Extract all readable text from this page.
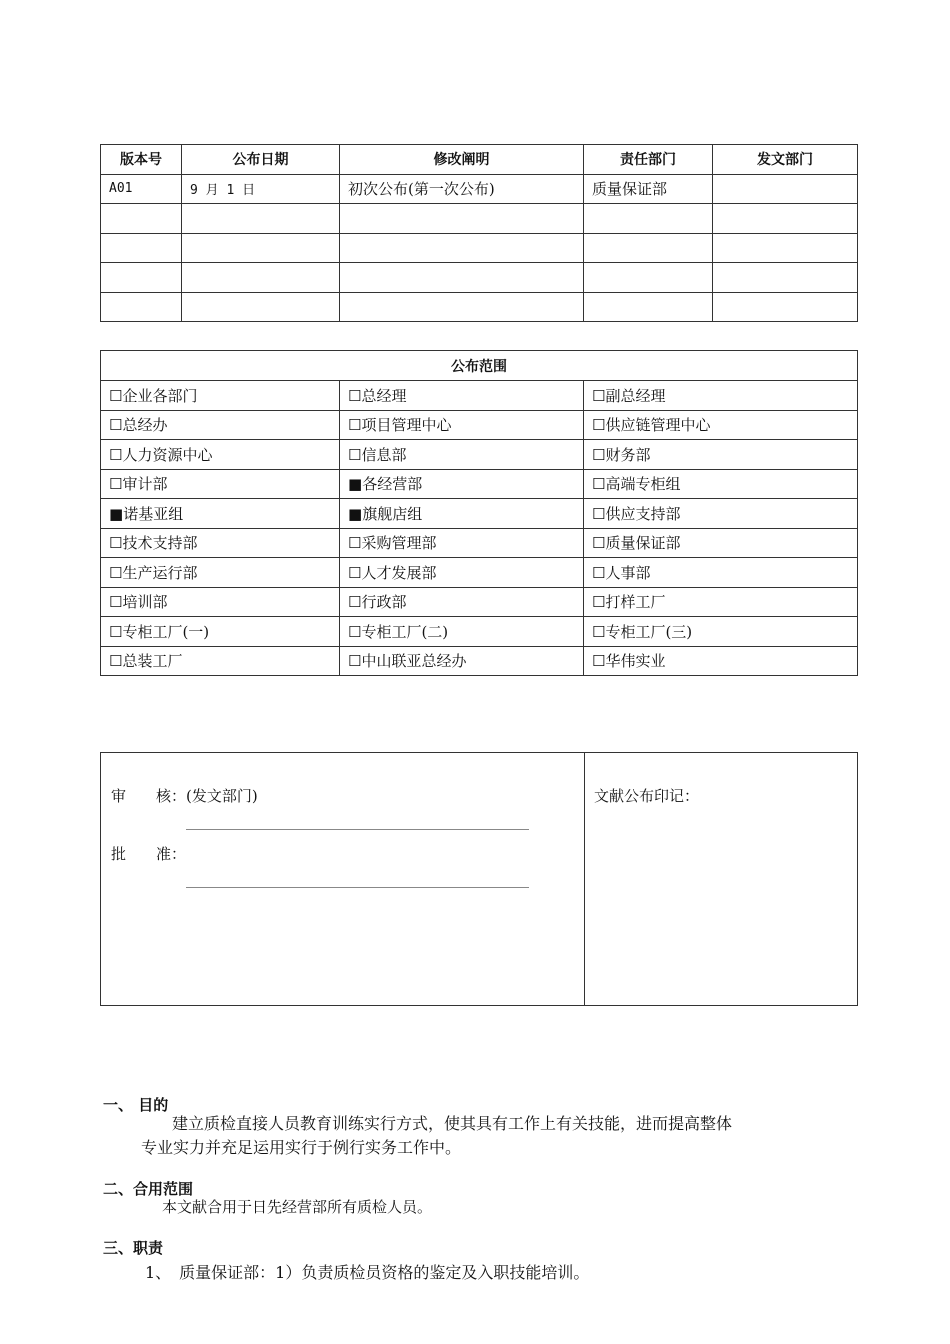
版本号	公布日期	修改阐明	责任部门	发文部门
A01	9 月 1 日	初次公布(第一次公布)	质量保证部	

公布范围		
☐企业各部门	☐总经理	☐副总经理
☐总经办	☐项目管理中心	☐供应链管理中心
☐人力资源中心	☐信息部	☐财务部
☐审计部	■各经营部	☐高端专柜组
■诺基亚组	■旗舰店组	☐供应支持部
☐技术支持部	☐采购管理部	☐质量保证部
☐生产运行部	☐人才发展部	☐人事部
☐培训部	☐行政部	☐打样工厂
☐专柜工厂(一)	☐专柜工厂(二)	☐专柜工厂(三)
☐总装工厂	☐中山联亚总经办	☐华伟实业
审　　核：(发文部门)
批　　准：
文献公布印记：
一、 目的
建立质检直接人员教育训练实行方式，使其具有工作上有关技能，进而提高整体
专业实力并充足运用实行于例行实务工作中。
二、合用范围
本文献合用于日先经营部所有质检人员。
三、职责
1、　质量保证部：1）负责质检员资格的鉴定及入职技能培训。
